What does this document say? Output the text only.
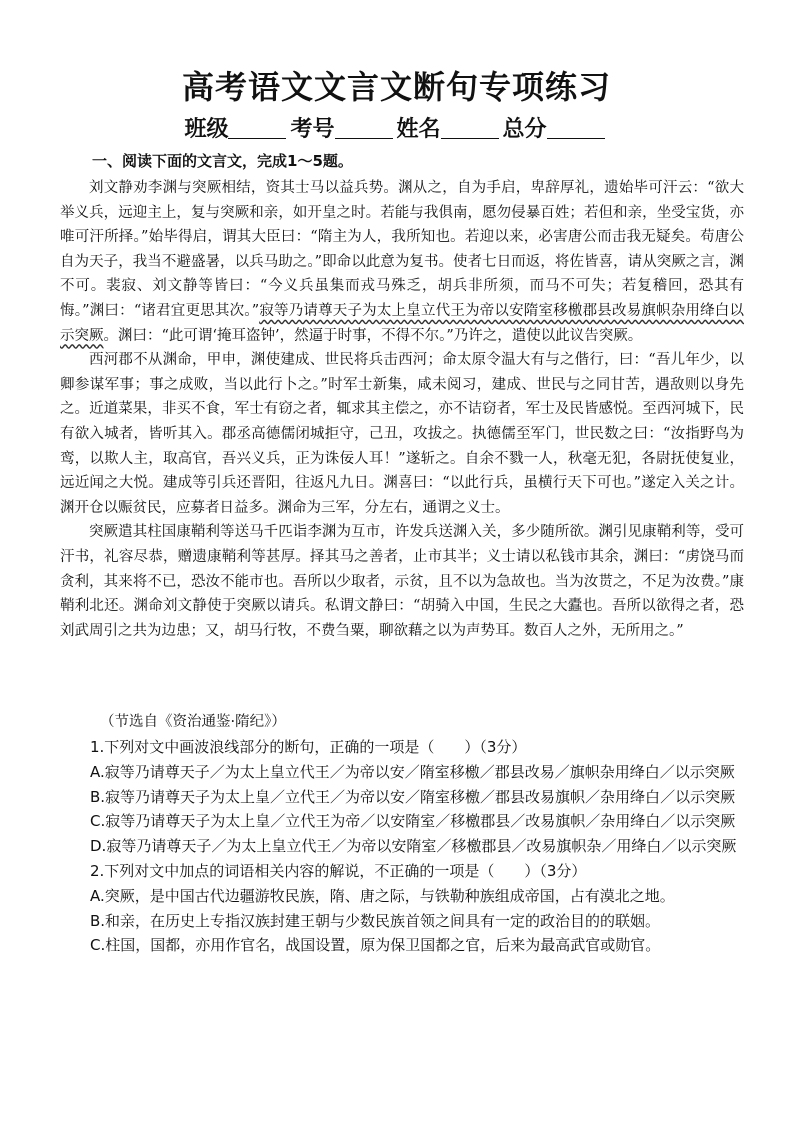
高考语文文言文断句专项练习
班级	考号	姓名	总分
一、阅读下面的文言文，完成1～5题。

刘文静劝李渊与突厥相结，资其士马以益兵势。渊从之，自为手启，卑辞厚礼，遗始毕可汗云：“欲大举义兵，远迎主上，复与突厥和亲，如开皇之时。若能与我俱南，愿勿侵暴百姓；若但和亲，坐受宝货，亦唯可汗所择。”始毕得启，谓其大臣曰：“隋主为人，我所知也。若迎以来，必害唐公而击我无疑矣。苟唐公自为天子，我当不避盛暑，以兵马助之。”即命以此意为复书。使者七日而返，将佐皆喜，请从突厥之言，渊不可。裴寂、刘文静等皆曰：“今义兵虽集而戎马殊乏，胡兵非所须，而马不可失；若复稽回，恐其有悔。”渊曰：“诸君宜更思其次。”寂等乃请尊天子为太上皇立代王为帝以安隋室移檄郡县改易旗帜杂用绛白以示突厥。渊曰：“此可谓‘掩耳盗钟’，然逼于时事，不得不尔。”乃许之，遣使以此议告突厥。

西河郡不从渊命，甲申，渊使建成、世民将兵击西河；命太原令温大有与之偕行，曰：“吾儿年少，以卿参谋军事；事之成败，当以此行卜之。”时军士新集，咸未阅习，建成、世民与之同甘苦，遇敌则以身先之。近道菜果，非买不食，军士有窃之者，辄求其主偿之，亦不诘窃者，军士及民皆感悦。至西河城下，民有欲入城者，皆听其入。郡丞高德儒闭城拒守，己丑，攻拔之。执德儒至军门，世民数之曰：“汝指野鸟为鸾，以欺人主，取高官，吾兴义兵，正为诛佞人耳！”遂斩之。自余不戮一人，秋毫无犯，各尉抚使复业，远近闻之大悦。建成等引兵还晋阳，往返凡九日。渊喜曰：“以此行兵，虽横行天下可也。”遂定入关之计。渊开仓以赈贫民，应募者日益多。渊命为三军，分左右，通谓之义士。

突厥遣其柱国康鞘利等送马千匹诣李渊为互市，许发兵送渊入关，多少随所欲。渊引见康鞘利等，受可汗书，礼容尽恭，赠遗康鞘利等甚厚。择其马之善者，止市其半；义士请以私钱市其余，渊曰：“虏饶马而贪利，其来将不已，恐汝不能市也。吾所以少取者，示贫，且不以为急故也。当为汝贳之，不足为汝费。”康鞘利北还。渊命刘文静使于突厥以请兵。私谓文静曰：“胡骑入中国，生民之大蠹也。吾所以欲得之者，恐刘武周引之共为边患；又，胡马行牧，不费刍粟，聊欲藉之以为声势耳。数百人之外，无所用之。”

（节选自《资治通鉴·隋纪》）

1.下列对文中画波浪线部分的断句，正确的一项是（　　）（3分）

A.寂等乃请尊天子／为太上皇立代王／为帝以安／隋室移檄／郡县改易／旗帜杂用绛白／以示突厥

B.寂等乃请尊天子为太上皇／立代王／为帝以安／隋室移檄／郡县改易旗帜／杂用绛白／以示突厥

C.寂等乃请尊天子为太上皇／立代王为帝／以安隋室／移檄郡县／改易旗帜／杂用绛白／以示突厥

D.寂等乃请尊天子／为太上皇立代王／为帝以安隋室／移檄郡县／改易旗帜杂／用绛白／以示突厥

2.下列对文中加点的词语相关内容的解说，不正确的一项是（　　）（3分）

A.突厥，是中国古代边疆游牧民族，隋、唐之际，与铁勒种族组成帝国，占有漠北之地。

B.和亲，在历史上专指汉族封建王朝与少数民族首领之间具有一定的政治目的的联姻。

C.柱国，国都，亦用作官名，战国设置，原为保卫国都之官，后来为最高武官或勋官。
